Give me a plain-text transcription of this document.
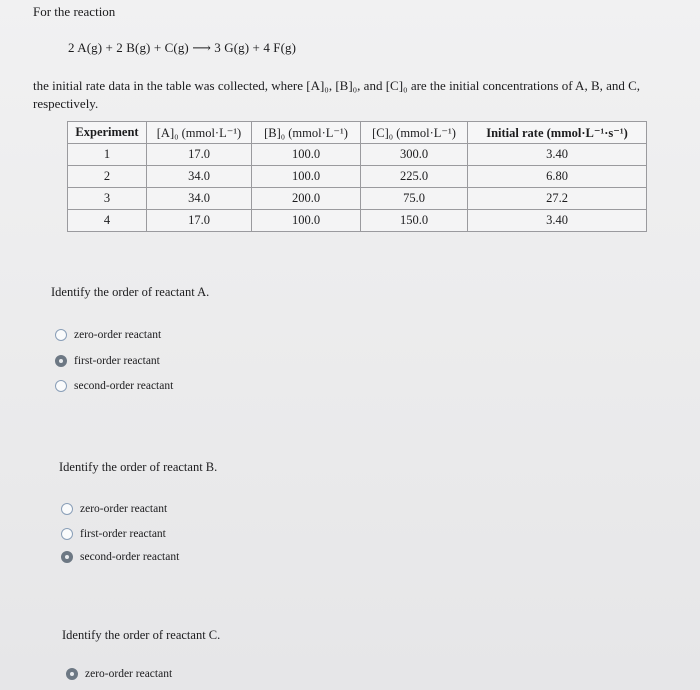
For the reaction
2 A(g) + 2 B(g) + C(g) ⟶ 3 G(g) + 4 F(g)
the initial rate data in the table was collected, where [A]₀, [B]₀, and [C]₀ are the initial concentrations of A, B, and C, respectively.
Experiment	[A]₀ (mmol·L⁻¹)	[B]₀ (mmol·L⁻¹)	[C]₀ (mmol·L⁻¹)	Initial rate (mmol·L⁻¹·s⁻¹)
1	17.0	100.0	300.0	3.40
2	34.0	100.0	225.0	6.80
3	34.0	200.0	75.0	27.2
4	17.0	100.0	150.0	3.40
Identify the order of reactant A.
zero-order reactant
first-order reactant
second-order reactant
Identify the order of reactant B.
zero-order reactant
first-order reactant
second-order reactant
Identify the order of reactant C.
zero-order reactant
